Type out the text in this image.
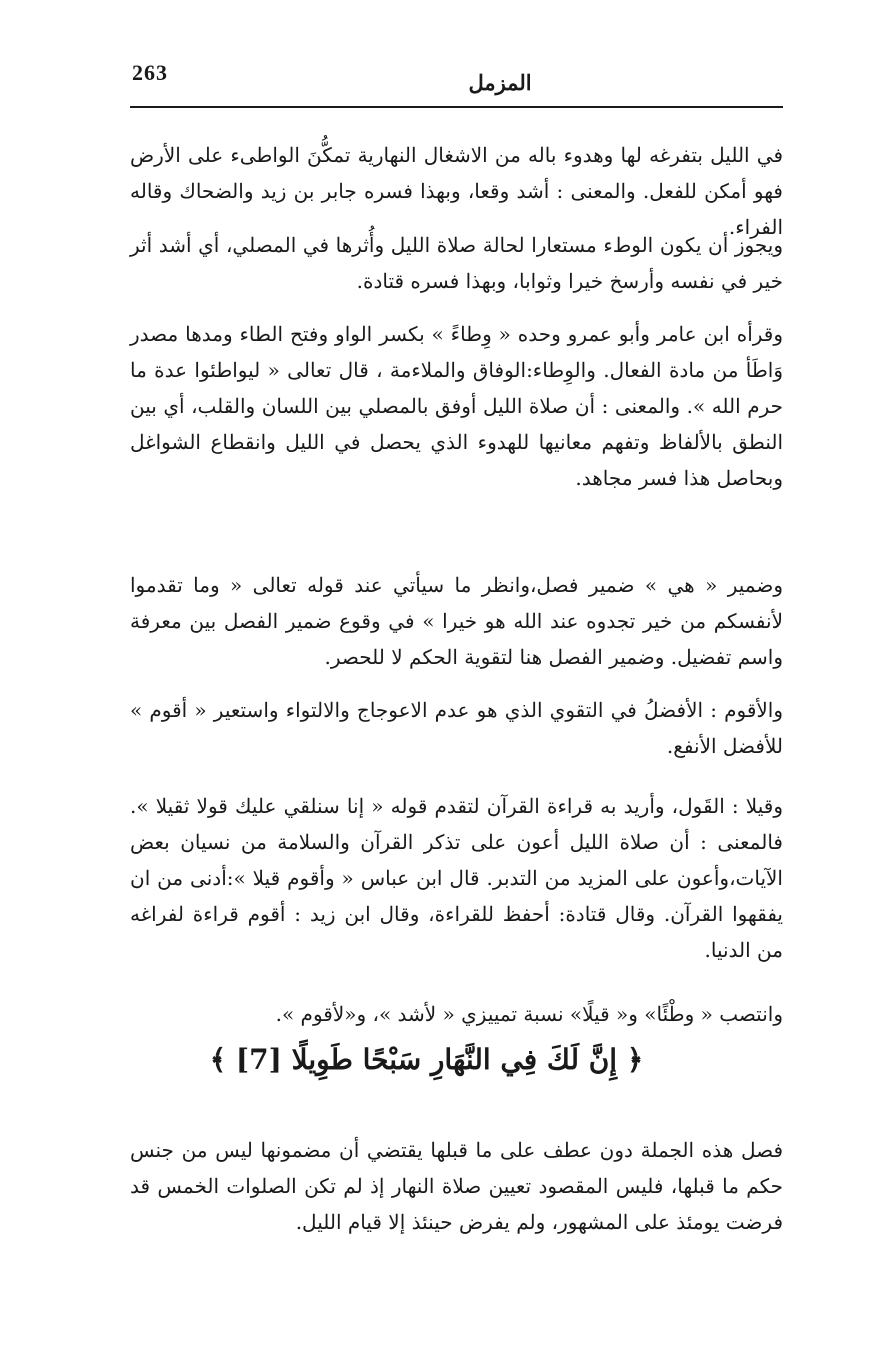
263	المزمل

في الليل بتفرغه لها وهدوء باله من الاشغال النهارية تمكُّنَ الواطىء على الأرض فهو أمكن للفعل. والمعنى : أشد وقعا، وبهذا فسره جابر بن زيد والضحاك وقاله الفراء.

ويجوز أن يكون الوطء مستعارا لحالة صلاة الليل وأُثرها في المصلي، أي أشد أثر خير في نفسه وأرسخ خيرا وثوابا، وبهذا فسره قتادة.

وقرأه ابن عامر وأبو عمرو وحده « وِطاءً » بكسر الواو وفتح الطاء ومدها مصدر وَاطَأ من مادة الفعال. والوِطاء:الوفاق والملاءمة ، قال تعالى « ليواطئوا عدة ما حرم الله ». والمعنى : أن صلاة الليل أوفق بالمصلي بين اللسان والقلب، أي بين النطق بالألفاظ وتفهم معانيها للهدوء الذي يحصل في الليل وانقطاع الشواغل وبحاصل هذا فسر مجاهد.

وضمير « هي » ضمير فصل،وانظر ما سيأتي عند قوله تعالى « وما تقدموا لأنفسكم من خير تجدوه عند الله هو خيرا » في وقوع ضمير الفصل بين معرفة واسم تفضيل. وضمير الفصل هنا لتقوية الحكم لا للحصر.

والأقوم : الأفضلُ في التقوي الذي هو عدم الاعوجاج والالتواء واستعير « أقوم » للأفضل الأنفع.

وقيلا : القَول، وأريد به قراءة القرآن لتقدم قوله « إنا سنلقي عليك قولا ثقيلا ». فالمعنى : أن صلاة الليل أعون على تذكر القرآن والسلامة من نسيان بعض الآيات،وأعون على المزيد من التدبر. قال ابن عباس « وأقوم قيلا »:أدنى من ان يفقهوا القرآن. وقال قتادة: أحفظ للقراءة، وقال ابن زيد : أقوم قراءة لفراغه من الدنيا.

وانتصب « وطْئًا» و« قيلًا» نسبة تمييزي « لأشد »، و«لأقوم ».

﴿ إِنَّ لَكَ فِي النَّهَارِ سَبْحًا طَوِيلًا [7] ﴾

فصل هذه الجملة دون عطف على ما قبلها يقتضي أن مضمونها ليس من جنس حكم ما قبلها، فليس المقصود تعيين صلاة النهار إذ لم تكن الصلوات الخمس قد فرضت يومئذ على المشهور، ولم يفرض حينئذ إلا قيام الليل.
